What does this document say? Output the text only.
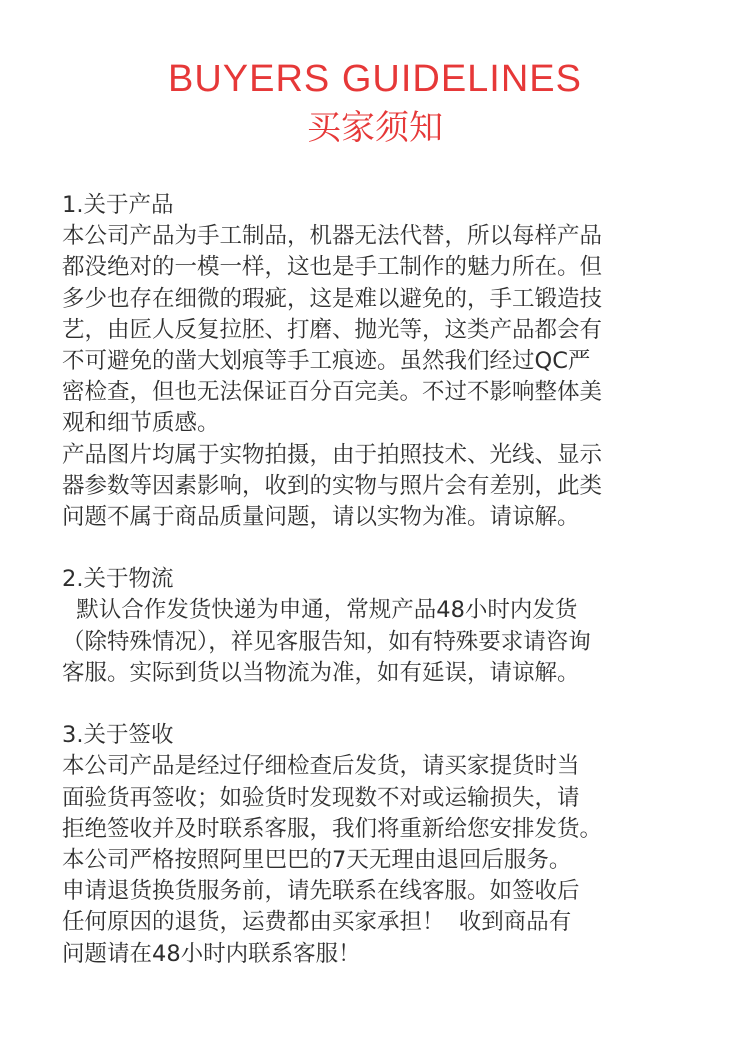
BUYERS GUIDELINES
买家须知
1.关于产品
本公司产品为手工制品，机器无法代替，所以每样产品
都没绝对的一模一样，这也是手工制作的魅力所在。但
多少也存在细微的瑕疵，这是难以避免的，手工锻造技
艺，由匠人反复拉胚、打磨、抛光等，这类产品都会有
不可避免的凿大划痕等手工痕迹。虽然我们经过QC严
密检查，但也无法保证百分百完美。不过不影响整体美
观和细节质感。
产品图片均属于实物拍摄，由于拍照技术、光线、显示
器参数等因素影响，收到的实物与照片会有差别，此类
问题不属于商品质量问题，请以实物为准。请谅解。
2.关于物流
默认合作发货快递为申通，常规产品48小时内发货
（除特殊情况），祥见客服告知，如有特殊要求请咨询
客服。实际到货以当物流为准，如有延误，请谅解。
3.关于签收
本公司产品是经过仔细检查后发货，请买家提货时当
面验货再签收；如验货时发现数不对或运输损失，请
拒绝签收并及时联系客服，我们将重新给您安排发货。
本公司严格按照阿里巴巴的7天无理由退回后服务。
申请退货换货服务前，请先联系在线客服。如签收后
任何原因的退货，运费都由买家承担！  收到商品有
问题请在48小时内联系客服！
